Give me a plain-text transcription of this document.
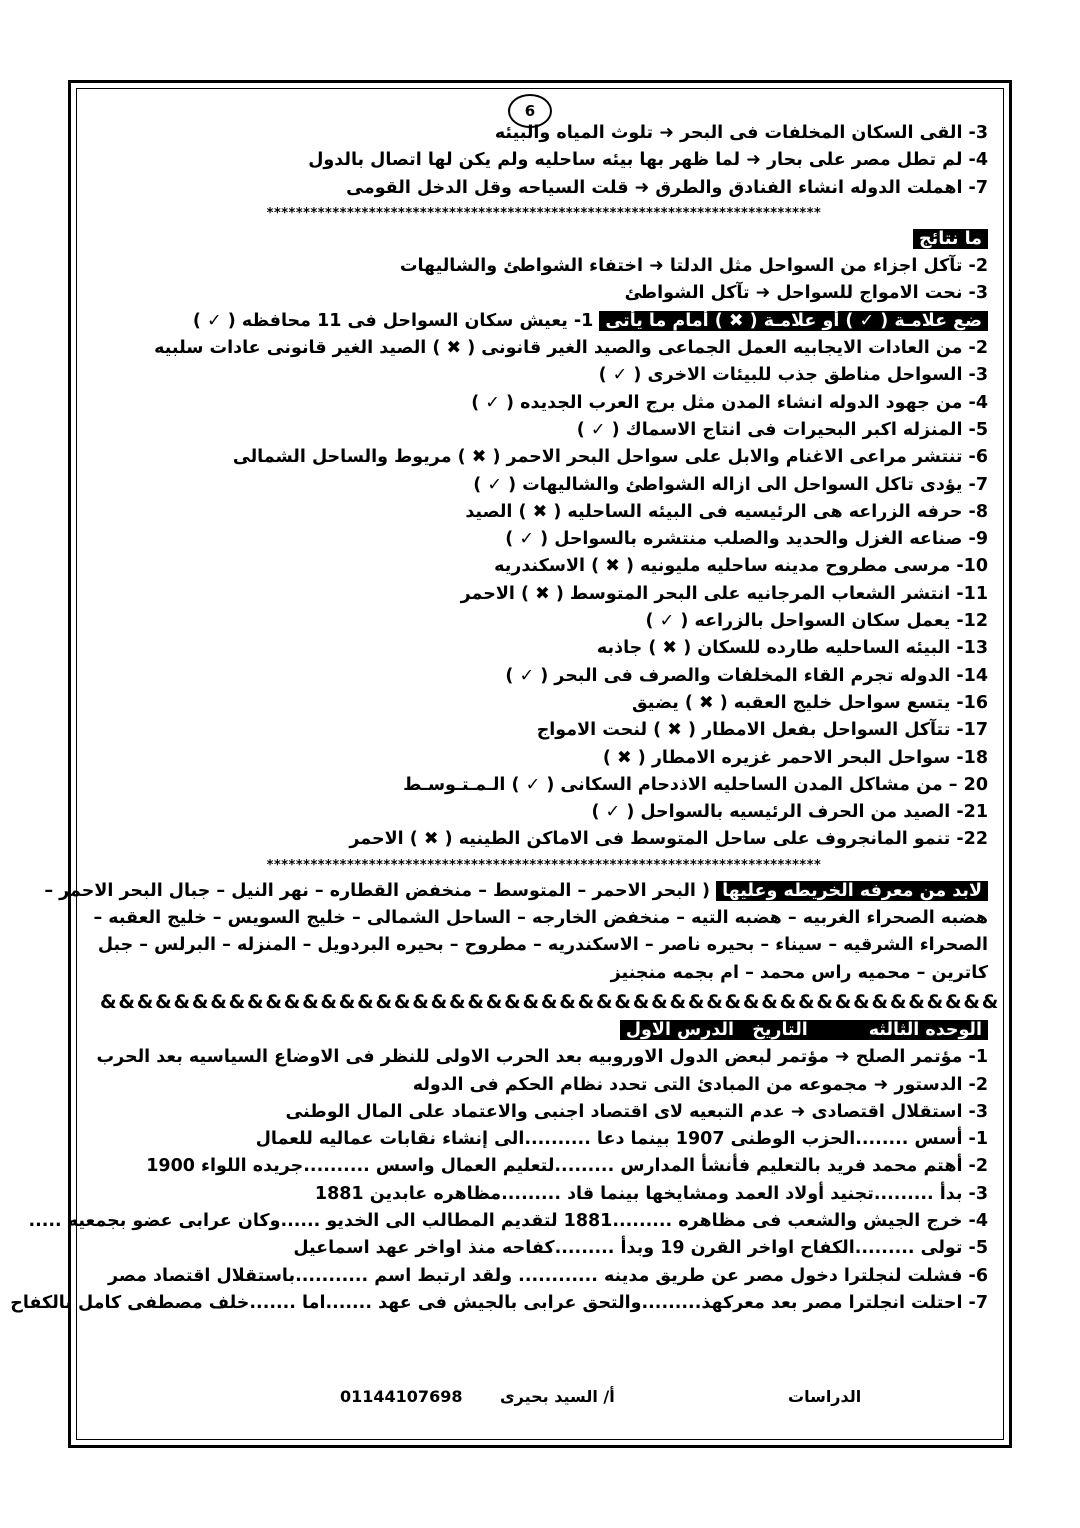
6
3- القى السكان المخلفات فى البحر ➜ تلوث المياه والبيئه
4- لم تطل مصر على بحار ➜ لما ظهر بها بيئه ساحليه ولم يكن لها اتصال بالدول
7- اهملت الدوله انشاء الفنادق والطرق ➜ قلت السياحه وقل الدخل القومى
****************************************************************************
ما نتائج
2- تآكل اجزاء من السواحل مثل الدلتا ➜ اختفاء الشواطئ والشاليهات
3- نحت الامواج للسواحل ➜ تآكل الشواطئ
ضع علامـة ( ✓ ) أو علامـة ( ✖ ) أمام ما يأتى 1- يعيش سكان السواحل فى 11 محافظه ( ✓ )
2- من العادات الايجابيه العمل الجماعى والصيد الغير قانونى ( ✖ ) الصيد الغير قانونى عادات سلبيه
3- السواحل مناطق جذب للبيئات الاخرى ( ✓ )
4- من جهود الدوله انشاء المدن مثل برج العرب الجديده ( ✓ )
5- المنزله اكبر البحيرات فى انتاج الاسماك ( ✓ )
6- تنتشر مراعى الاغنام والابل على سواحل البحر الاحمر ( ✖ ) مريوط والساحل الشمالى
7- يؤدى تاكل السواحل الى ازاله الشواطئ والشاليهات ( ✓ )
8- حرفه الزراعه هى الرئيسيه فى البيئه الساحليه ( ✖ ) الصيد
9- صناعه الغزل والحديد والصلب منتشره بالسواحل ( ✓ )
10- مرسى مطروح مدينه ساحليه مليونيه ( ✖ ) الاسكندريه
11- انتشر الشعاب المرجانيه على البحر المتوسط ( ✖ ) الاحمر
12- يعمل سكان السواحل بالزراعه ( ✓ )
13- البيئه الساحليه طارده للسكان ( ✖ ) جاذبه
14- الدوله تجرم القاء المخلفات والصرف فى البحر ( ✓ )
16- يتسع سواحل خليج العقبه ( ✖ ) يضيق
17- تتآكل السواحل بفعل الامطار ( ✖ ) لنحت الامواج
18- سواحل البحر الاحمر غزيره الامطار ( ✖ )
20 – من مشاكل المدن الساحليه الاذدحام السكانى ( ✓ ) الـمـتـوسـط
21- الصيد من الحرف الرئيسيه بالسواحل ( ✓ )
22- تنمو المانجروف على ساحل المتوسط فى الاماكن الطينيه ( ✖ ) الاحمر
****************************************************************************
لابد من معرفه الخريطه وعليها ( البحر الاحمر – المتوسط – منخفض القطاره – نهر النيل – جبال البحر الاحمر –
هضبه الصحراء الغربيه – هضبه التيه – منخفض الخارجه – الساحل الشمالى – خليج السويس – خليج العقبه –
الصحراء الشرقيه – سيناء – بحيره ناصر – الاسكندريه – مطروح – بحيره البردويل – المنزله – البرلس – جبل
كاترين – محميه راس محمد – ام بجمه منجنيز
&&&&&&&&&&&&&&&&&&&&&&&&&&&&&&&&&&&&&&&&&&&&&&&&&
الوحده الثالثه          التاريخ   الدرس الاول
1- مؤتمر الصلح ➜ مؤتمر لبعض الدول الاوروبيه بعد الحرب الاولى للنظر فى الاوضاع السياسيه بعد الحرب
2- الدستور ➜ مجموعه من المبادئ التى تحدد نظام الحكم فى الدوله
3- استقلال اقتصادى ➜ عدم التبعيه لاى اقتصاد اجنبى والاعتماد على المال الوطنى
1- أسس ........الحزب الوطنى 1907 بينما دعا ..........الى إنشاء نقابات عماليه للعمال
2- أهتم محمد فريد بالتعليم فأنشأ المدارس .........لتعليم العمال واسس ..........جريده اللواء 1900
3- بدأ .........تجنيد أولاد العمد ومشايخها بينما قاد .........مظاهره عابدين 1881
4- خرج الجيش والشعب فى مظاهره .........1881 لتقديم المطالب الى الخديو ......وكان عرابى عضو بجمعيه .....
5- تولى .........الكفاح اواخر القرن 19 وبدأ .........كفاحه منذ اواخر عهد اسماعيل
6- فشلت لنجلترا دخول مصر عن طريق مدينه ............ ولقد ارتبط اسم ...........باستقلال اقتصاد مصر
7- احتلت انجلترا مصر بعد معركهذ.........والتحق عرابى بالجيش فى عهد .......اما .......خلف مصطفى كامل بالكفاح
الدراسات
أ/ السيد بحيرى
01144107698
